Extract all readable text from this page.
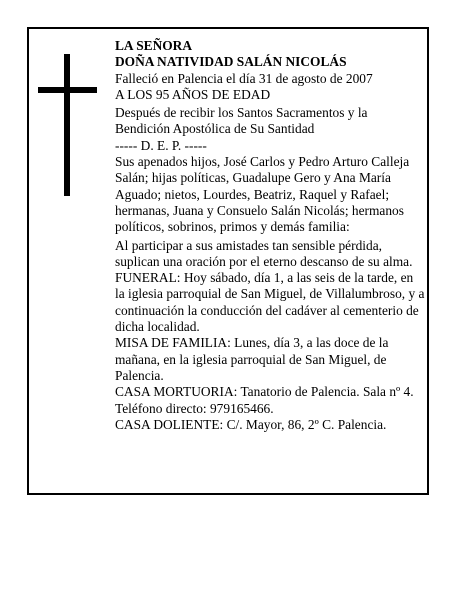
LA SEÑORA

DOÑA NATIVIDAD SALÁN NICOLÁS

Falleció en Palencia el día 31 de agosto de 2007

A LOS 95 AÑOS DE EDAD

Después de recibir los Santos Sacramentos y la Bendición Apostólica de Su Santidad

----- D. E. P. -----

Sus apenados hijos, José Carlos y Pedro Arturo Calleja Salán; hijas políticas, Guadalupe Gero y Ana María Aguado; nietos, Lourdes, Beatriz, Raquel y Rafael; hermanas, Juana y Consuelo Salán Nicolás; hermanos políticos, sobrinos, primos y demás familia:

Al participar a sus amistades tan sensible pérdida, suplican una oración por el eterno descanso de su alma.

FUNERAL: Hoy sábado, día 1, a las seis de la tarde, en la iglesia parroquial de San Miguel, de Villalumbroso, y a continuación la conducción del cadáver al cementerio de dicha localidad.

MISA DE FAMILIA: Lunes, día 3, a las doce de la mañana, en la iglesia parroquial de San Miguel, de Palencia.

CASA MORTUORIA: Tanatorio de Palencia. Sala nº 4. Teléfono directo: 979165466.

CASA DOLIENTE: C/. Mayor, 86, 2º C. Palencia.
